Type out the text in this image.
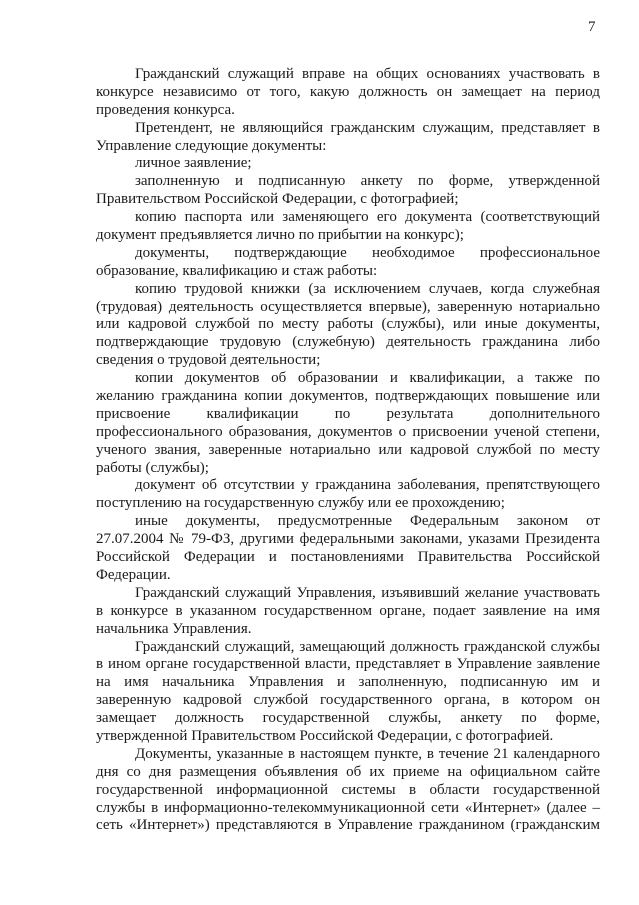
7
Гражданский служащий вправе на общих основаниях участвовать в
конкурсе независимо от того, какую должность он замещает на период
проведения конкурса.
Претендент, не являющийся гражданским служащим, представляет в
Управление следующие документы:
личное заявление;
заполненную и подписанную анкету по форме, утвержденной
Правительством Российской Федерации, с фотографией;
копию паспорта или заменяющего его документа (соответствующий
документ предъявляется лично по прибытии на конкурс);
документы, подтверждающие необходимое профессиональное
образование, квалификацию и стаж работы:
копию трудовой книжки (за исключением случаев, когда служебная
(трудовая) деятельность осуществляется впервые), заверенную нотариально
или кадровой службой по месту работы (службы), или иные документы,
подтверждающие трудовую (служебную) деятельность гражданина либо
сведения о трудовой деятельности;
копии документов об образовании и квалификации, а также по
желанию гражданина копии документов, подтверждающих повышение или
присвоение квалификации по результата дополнительного
профессионального образования, документов о присвоении ученой степени,
ученого звания, заверенные нотариально или кадровой службой по месту
работы (службы);
документ об отсутствии у гражданина заболевания, препятствующего
поступлению на государственную службу или ее прохождению;
иные документы, предусмотренные Федеральным законом от
27.07.2004 № 79-ФЗ, другими федеральными законами, указами Президента
Российской Федерации и постановлениями Правительства Российской
Федерации.
Гражданский служащий Управления, изъявивший желание участвовать
в конкурсе в указанном государственном органе, подает заявление на имя
начальника Управления.
Гражданский служащий, замещающий должность гражданской службы
в ином органе государственной власти, представляет в Управление заявление
на имя начальника Управления и заполненную, подписанную им и
заверенную кадровой службой государственного органа, в котором он
замещает должность государственной службы, анкету по форме,
утвержденной Правительством Российской Федерации, с фотографией.
Документы, указанные в настоящем пункте, в течение 21 календарного
дня со дня размещения объявления об их приеме на официальном сайте
государственной информационной системы в области государственной
службы в информационно-телекоммуникационной сети «Интернет» (далее –
сеть «Интернет») представляются в Управление гражданином (гражданским
